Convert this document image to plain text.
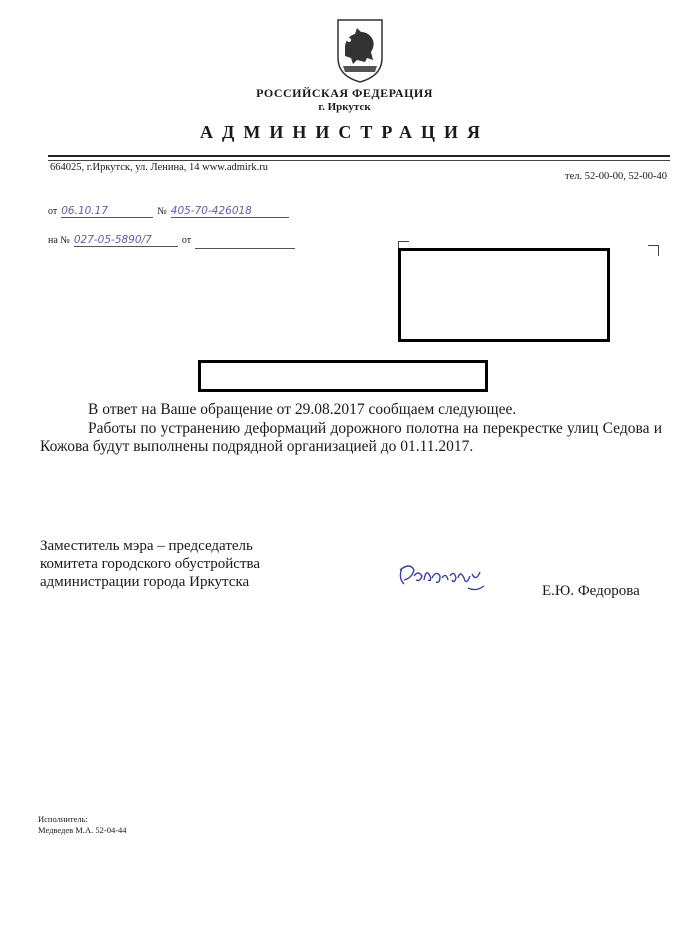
РОССИЙСКАЯ ФЕДЕРАЦИЯ
г. Иркутск
АДМИНИСТРАЦИЯ
664025, г.Иркутск, ул. Ленина, 14 www.admirk.ru
тел. 52-00-00, 52-00-40
от 06.10.17	№ 405-70-426018
на № 027-05-5890/7	от

В ответ на Ваше обращение от 29.08.2017 сообщаем следующее.

Работы по устранению деформаций дорожного полотна на перекрестке улиц Седова и Кожова будут выполнены подрядной организацией до 01.11.2017.

Заместитель мэра – председатель
комитета городского обустройства
администрации города Иркутска
Е.Ю. Федорова
Исполнитель:
Медведев М.А. 52-04-44
